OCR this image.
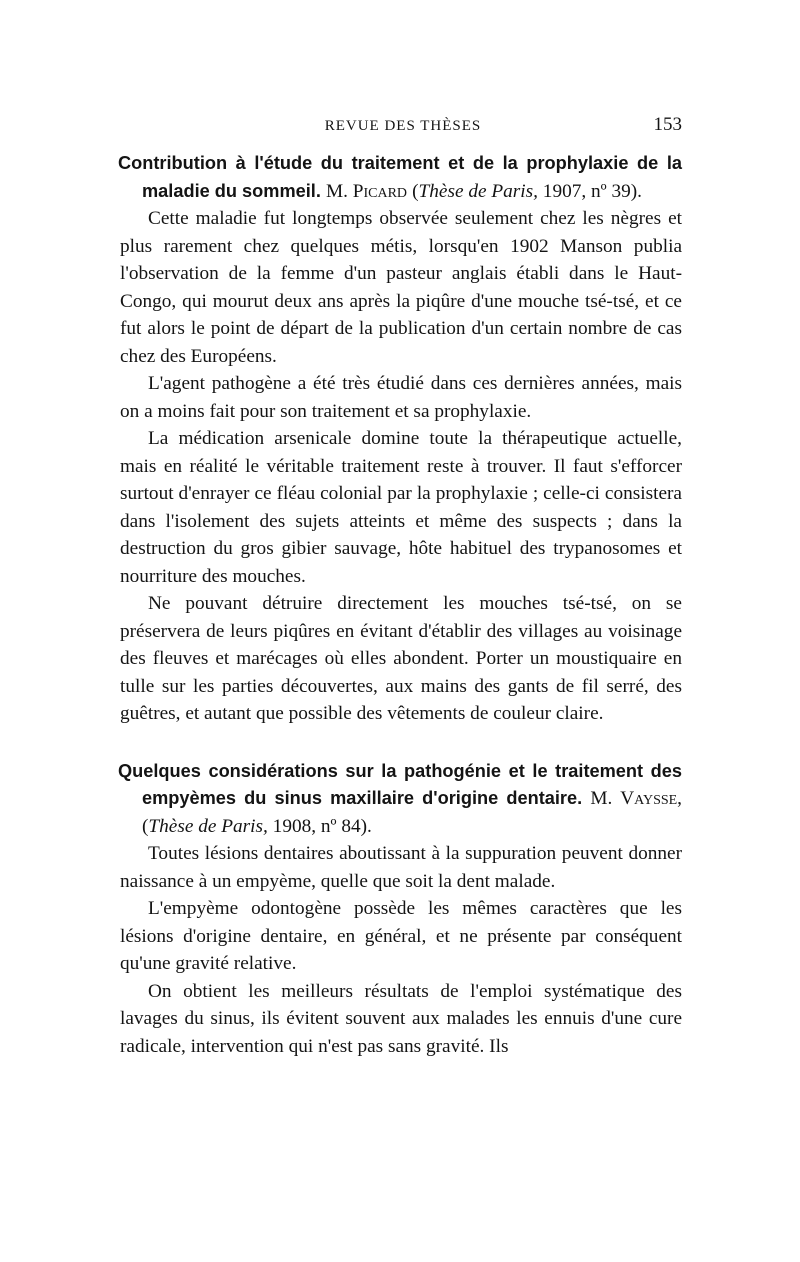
REVUE DES THÈSES	153

Contribution à l'étude du traitement et de la prophylaxie de la maladie du sommeil. M. Picard (Thèse de Paris, 1907, nº 39).

Cette maladie fut longtemps observée seulement chez les nègres et plus rarement chez quelques métis, lorsqu'en 1902 Manson publia l'observation de la femme d'un pasteur anglais établi dans le Haut-Congo, qui mourut deux ans après la piqûre d'une mouche tsé-tsé, et ce fut alors le point de départ de la publication d'un certain nombre de cas chez des Européens.

L'agent pathogène a été très étudié dans ces dernières années, mais on a moins fait pour son traitement et sa prophylaxie.

La médication arsenicale domine toute la thérapeutique actuelle, mais en réalité le véritable traitement reste à trouver. Il faut s'efforcer surtout d'enrayer ce fléau colonial par la prophylaxie ; celle-ci consistera dans l'isolement des sujets atteints et même des suspects ; dans la destruction du gros gibier sauvage, hôte habituel des trypanosomes et nourriture des mouches.

Ne pouvant détruire directement les mouches tsé-tsé, on se préservera de leurs piqûres en évitant d'établir des villages au voisinage des fleuves et marécages où elles abondent. Porter un moustiquaire en tulle sur les parties découvertes, aux mains des gants de fil serré, des guêtres, et autant que possible des vêtements de couleur claire.

Quelques considérations sur la pathogénie et le traitement des empyèmes du sinus maxillaire d'origine dentaire. M. Vaysse, (Thèse de Paris, 1908, nº 84).

Toutes lésions dentaires aboutissant à la suppuration peuvent donner naissance à un empyème, quelle que soit la dent malade.

L'empyème odontogène possède les mêmes caractères que les lésions d'origine dentaire, en général, et ne présente par conséquent qu'une gravité relative.

On obtient les meilleurs résultats de l'emploi systématique des lavages du sinus, ils évitent souvent aux malades les ennuis d'une cure radicale, intervention qui n'est pas sans gravité. Ils
